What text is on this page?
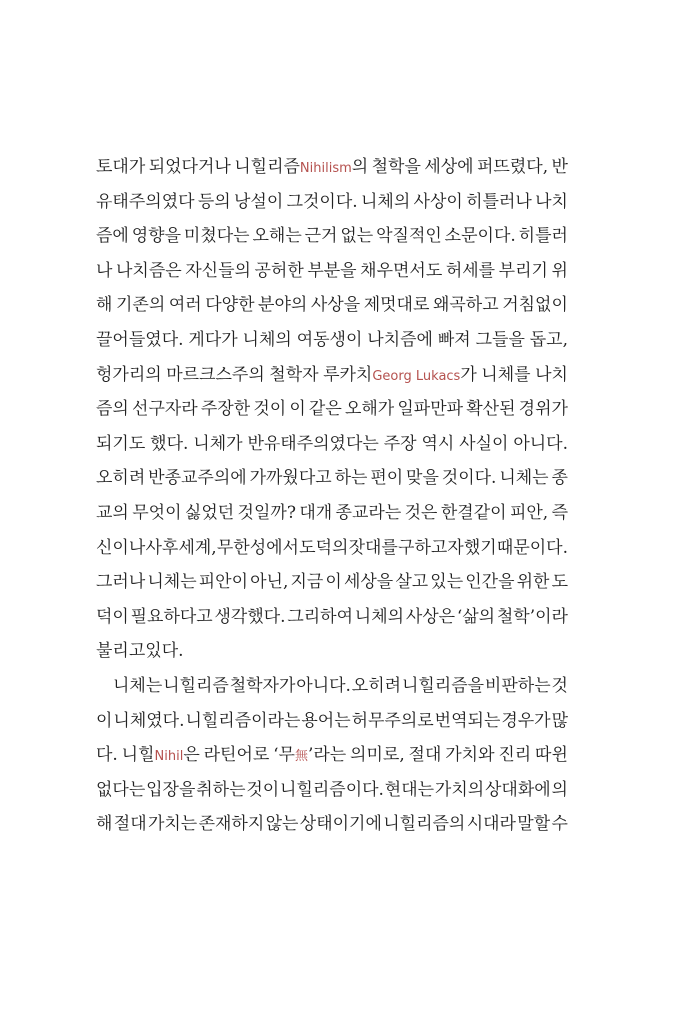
토대가 되었다거나 니힐리즘Nihilism의 철학을 세상에 퍼뜨렸다, 반
유태주의였다 등의 낭설이 그것이다. 니체의 사상이 히틀러나 나치
즘에 영향을 미쳤다는 오해는 근거 없는 악질적인 소문이다. 히틀러
나 나치즘은 자신들의 공허한 부분을 채우면서도 허세를 부리기 위
해 기존의 여러 다양한 분야의 사상을 제멋대로 왜곡하고 거침없이
끌어들였다. 게다가 니체의 여동생이 나치즘에 빠져 그들을 돕고,
헝가리의 마르크스주의 철학자 루카치Georg Lukacs가 니체를 나치
즘의 선구자라 주장한 것이 이 같은 오해가 일파만파 확산된 경위가
되기도 했다. 니체가 반유태주의였다는 주장 역시 사실이 아니다.
오히려 반종교주의에 가까웠다고 하는 편이 맞을 것이다. 니체는 종
교의 무엇이 싫었던 것일까? 대개 종교라는 것은 한결같이 피안, 즉
신이나 사후 세계, 무한성에서 도덕의 잣대를 구하고자 했기 때문이다.
그러나 니체는 피안이 아닌, 지금 이 세상을 살고 있는 인간을 위한 도
덕이 필요하다고 생각했다. 그리하여 니체의 사상은 ‘삶의 철학’이라
불리고 있다.
니체는 니힐리즘 철학자가 아니다. 오히려 니힐리즘을 비판하는 것
이 니체였다. 니힐리즘이라는 용어는 허무주의로 번역되는 경우가 많
다. 니힐Nihil은 라틴어로 ‘무無’라는 의미로, 절대 가치와 진리 따윈
없다는 입장을 취하는 것이 니힐리즘이다. 현대는 가치의 상대화에 의
해 절대 가치는 존재하지 않는 상태이기에 니힐리즘의 시대라 말할 수
